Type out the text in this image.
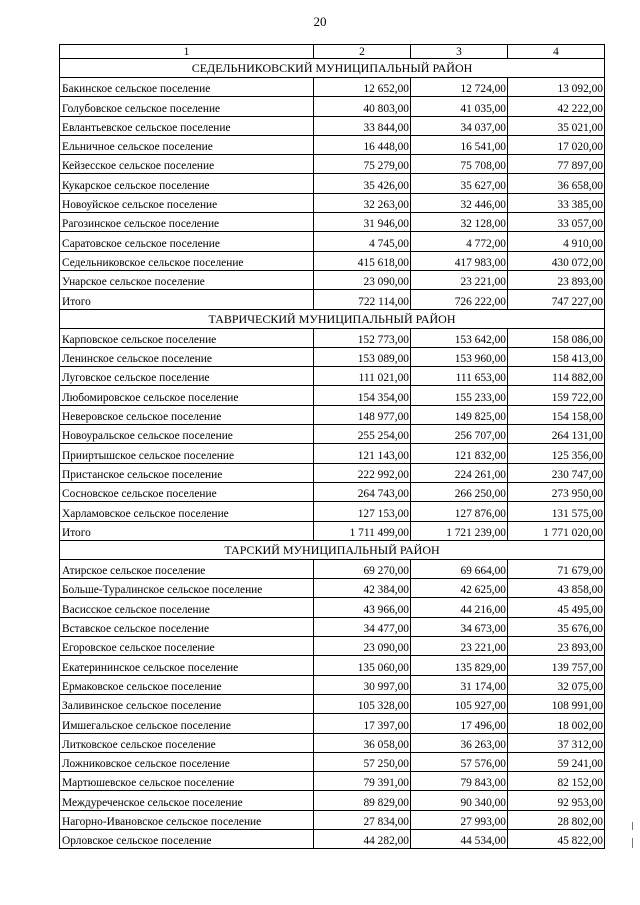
20
1	2	3	4
СЕДЕЛЬНИКОВСКИЙ МУНИЦИПАЛЬНЫЙ РАЙОН			
Бакинское сельское поселение	12 652,00	12 724,00	13 092,00
Голубовское сельское поселение	40 803,00	41 035,00	42 222,00
Евлантьевское сельское поселение	33 844,00	34 037,00	35 021,00
Ельничное сельское поселение	16 448,00	16 541,00	17 020,00
Кейзесское сельское поселение	75 279,00	75 708,00	77 897,00
Кукарское сельское поселение	35 426,00	35 627,00	36 658,00
Новоуйское сельское поселение	32 263,00	32 446,00	33 385,00
Рагозинское сельское поселение	31 946,00	32 128,00	33 057,00
Саратовское сельское поселение	4 745,00	4 772,00	4 910,00
Седельниковское сельское поселение	415 618,00	417 983,00	430 072,00
Унарское сельское поселение	23 090,00	23 221,00	23 893,00
Итого	722 114,00	726 222,00	747 227,00
ТАВРИЧЕСКИЙ МУНИЦИПАЛЬНЫЙ РАЙОН			
Карповское сельское поселение	152 773,00	153 642,00	158 086,00
Ленинское сельское поселение	153 089,00	153 960,00	158 413,00
Луговское сельское поселение	111 021,00	111 653,00	114 882,00
Любомировское сельское поселение	154 354,00	155 233,00	159 722,00
Неверовское сельское поселение	148 977,00	149 825,00	154 158,00
Новоуральское сельское поселение	255 254,00	256 707,00	264 131,00
Прииртышское сельское поселение	121 143,00	121 832,00	125 356,00
Пристанское сельское поселение	222 992,00	224 261,00	230 747,00
Сосновское сельское поселение	264 743,00	266 250,00	273 950,00
Харламовское сельское поселение	127 153,00	127 876,00	131 575,00
Итого	1 711 499,00	1 721 239,00	1 771 020,00
ТАРСКИЙ МУНИЦИПАЛЬНЫЙ РАЙОН			
Атирское сельское поселение	69 270,00	69 664,00	71 679,00
Больше-Туралинское сельское поселение	42 384,00	42 625,00	43 858,00
Васисское сельское поселение	43 966,00	44 216,00	45 495,00
Вставское сельское поселение	34 477,00	34 673,00	35 676,00
Егоровское сельское поселение	23 090,00	23 221,00	23 893,00
Екатерининское сельское поселение	135 060,00	135 829,00	139 757,00
Ермаковское сельское поселение	30 997,00	31 174,00	32 075,00
Заливинское сельское поселение	105 328,00	105 927,00	108 991,00
Имшегальское сельское поселение	17 397,00	17 496,00	18 002,00
Литковское сельское поселение	36 058,00	36 263,00	37 312,00
Ложниковское сельское поселение	57 250,00	57 576,00	59 241,00
Мартюшевское сельское поселение	79 391,00	79 843,00	82 152,00
Междуреченское сельское поселение	89 829,00	90 340,00	92 953,00
Нагорно-Ивановское сельское поселение	27 834,00	27 993,00	28 802,00
Орловское сельское поселение	44 282,00	44 534,00	45 822,00
